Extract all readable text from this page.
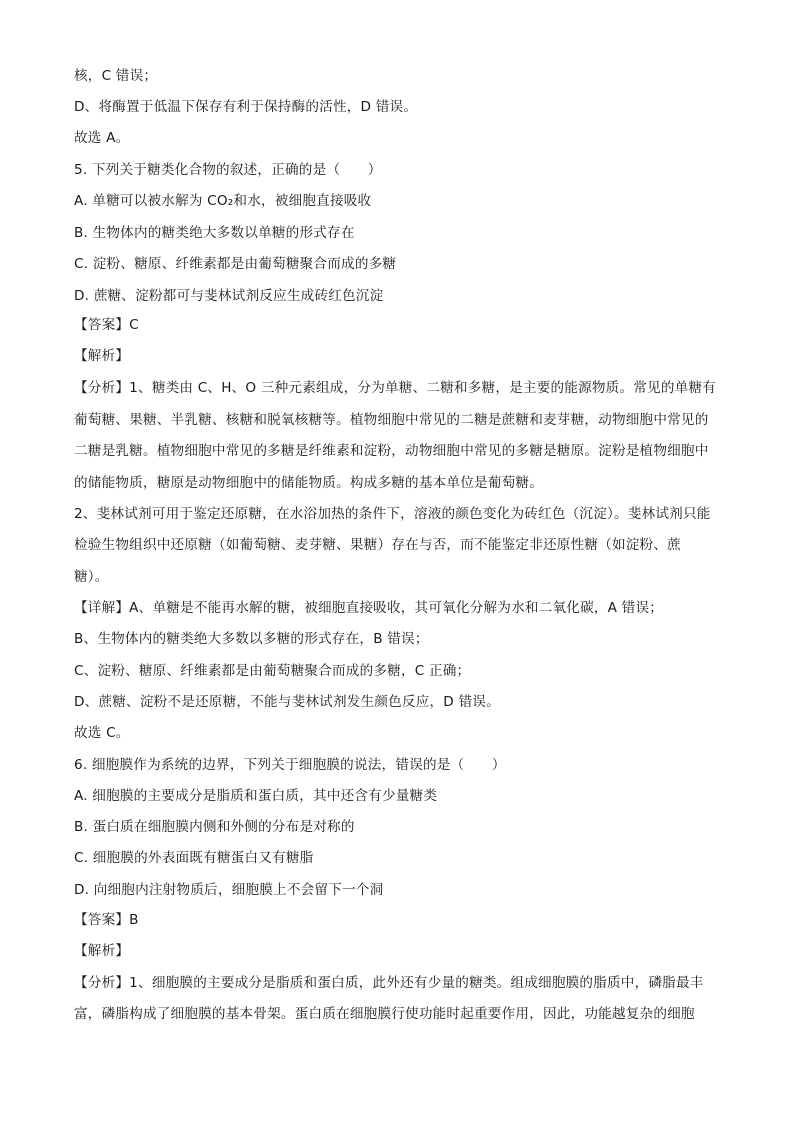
核，C 错误；
D、将酶置于低温下保存有利于保持酶的活性，D 错误。
故选 A。
5. 下列关于糖类化合物的叙述，正确的是（　　）
A. 单糖可以被水解为 CO₂和水，被细胞直接吸收
B. 生物体内的糖类绝大多数以单糖的形式存在
C. 淀粉、糖原、纤维素都是由葡萄糖聚合而成的多糖
D. 蔗糖、淀粉都可与斐林试剂反应生成砖红色沉淀
【答案】C
【解析】
【分析】1、糖类由 C、H、O 三种元素组成，分为单糖、二糖和多糖，是主要的能源物质。常见的单糖有
葡萄糖、果糖、半乳糖、核糖和脱氧核糖等。植物细胞中常见的二糖是蔗糖和麦芽糖，动物细胞中常见的
二糖是乳糖。植物细胞中常见的多糖是纤维素和淀粉，动物细胞中常见的多糖是糖原。淀粉是植物细胞中
的储能物质，糖原是动物细胞中的储能物质。构成多糖的基本单位是葡萄糖。
2、斐林试剂可用于鉴定还原糖，在水浴加热的条件下，溶液的颜色变化为砖红色（沉淀）。斐林试剂只能
检验生物组织中还原糖（如葡萄糖、麦芽糖、果糖）存在与否，而不能鉴定非还原性糖（如淀粉、蔗
糖）。
【详解】A、单糖是不能再水解的糖，被细胞直接吸收，其可氧化分解为水和二氧化碳，A 错误；
B、生物体内的糖类绝大多数以多糖的形式存在，B 错误；
C、淀粉、糖原、纤维素都是由葡萄糖聚合而成的多糖，C 正确；
D、蔗糖、淀粉不是还原糖，不能与斐林试剂发生颜色反应，D 错误。
故选 C。
6. 细胞膜作为系统的边界，下列关于细胞膜的说法，错误的是（　　）
A. 细胞膜的主要成分是脂质和蛋白质，其中还含有少量糖类
B. 蛋白质在细胞膜内侧和外侧的分布是对称的
C. 细胞膜的外表面既有糖蛋白又有糖脂
D. 向细胞内注射物质后，细胞膜上不会留下一个洞
【答案】B
【解析】
【分析】1、细胞膜的主要成分是脂质和蛋白质，此外还有少量的糖类。组成细胞膜的脂质中，磷脂最丰
富，磷脂构成了细胞膜的基本骨架。蛋白质在细胞膜行使功能时起重要作用，因此，功能越复杂的细胞
